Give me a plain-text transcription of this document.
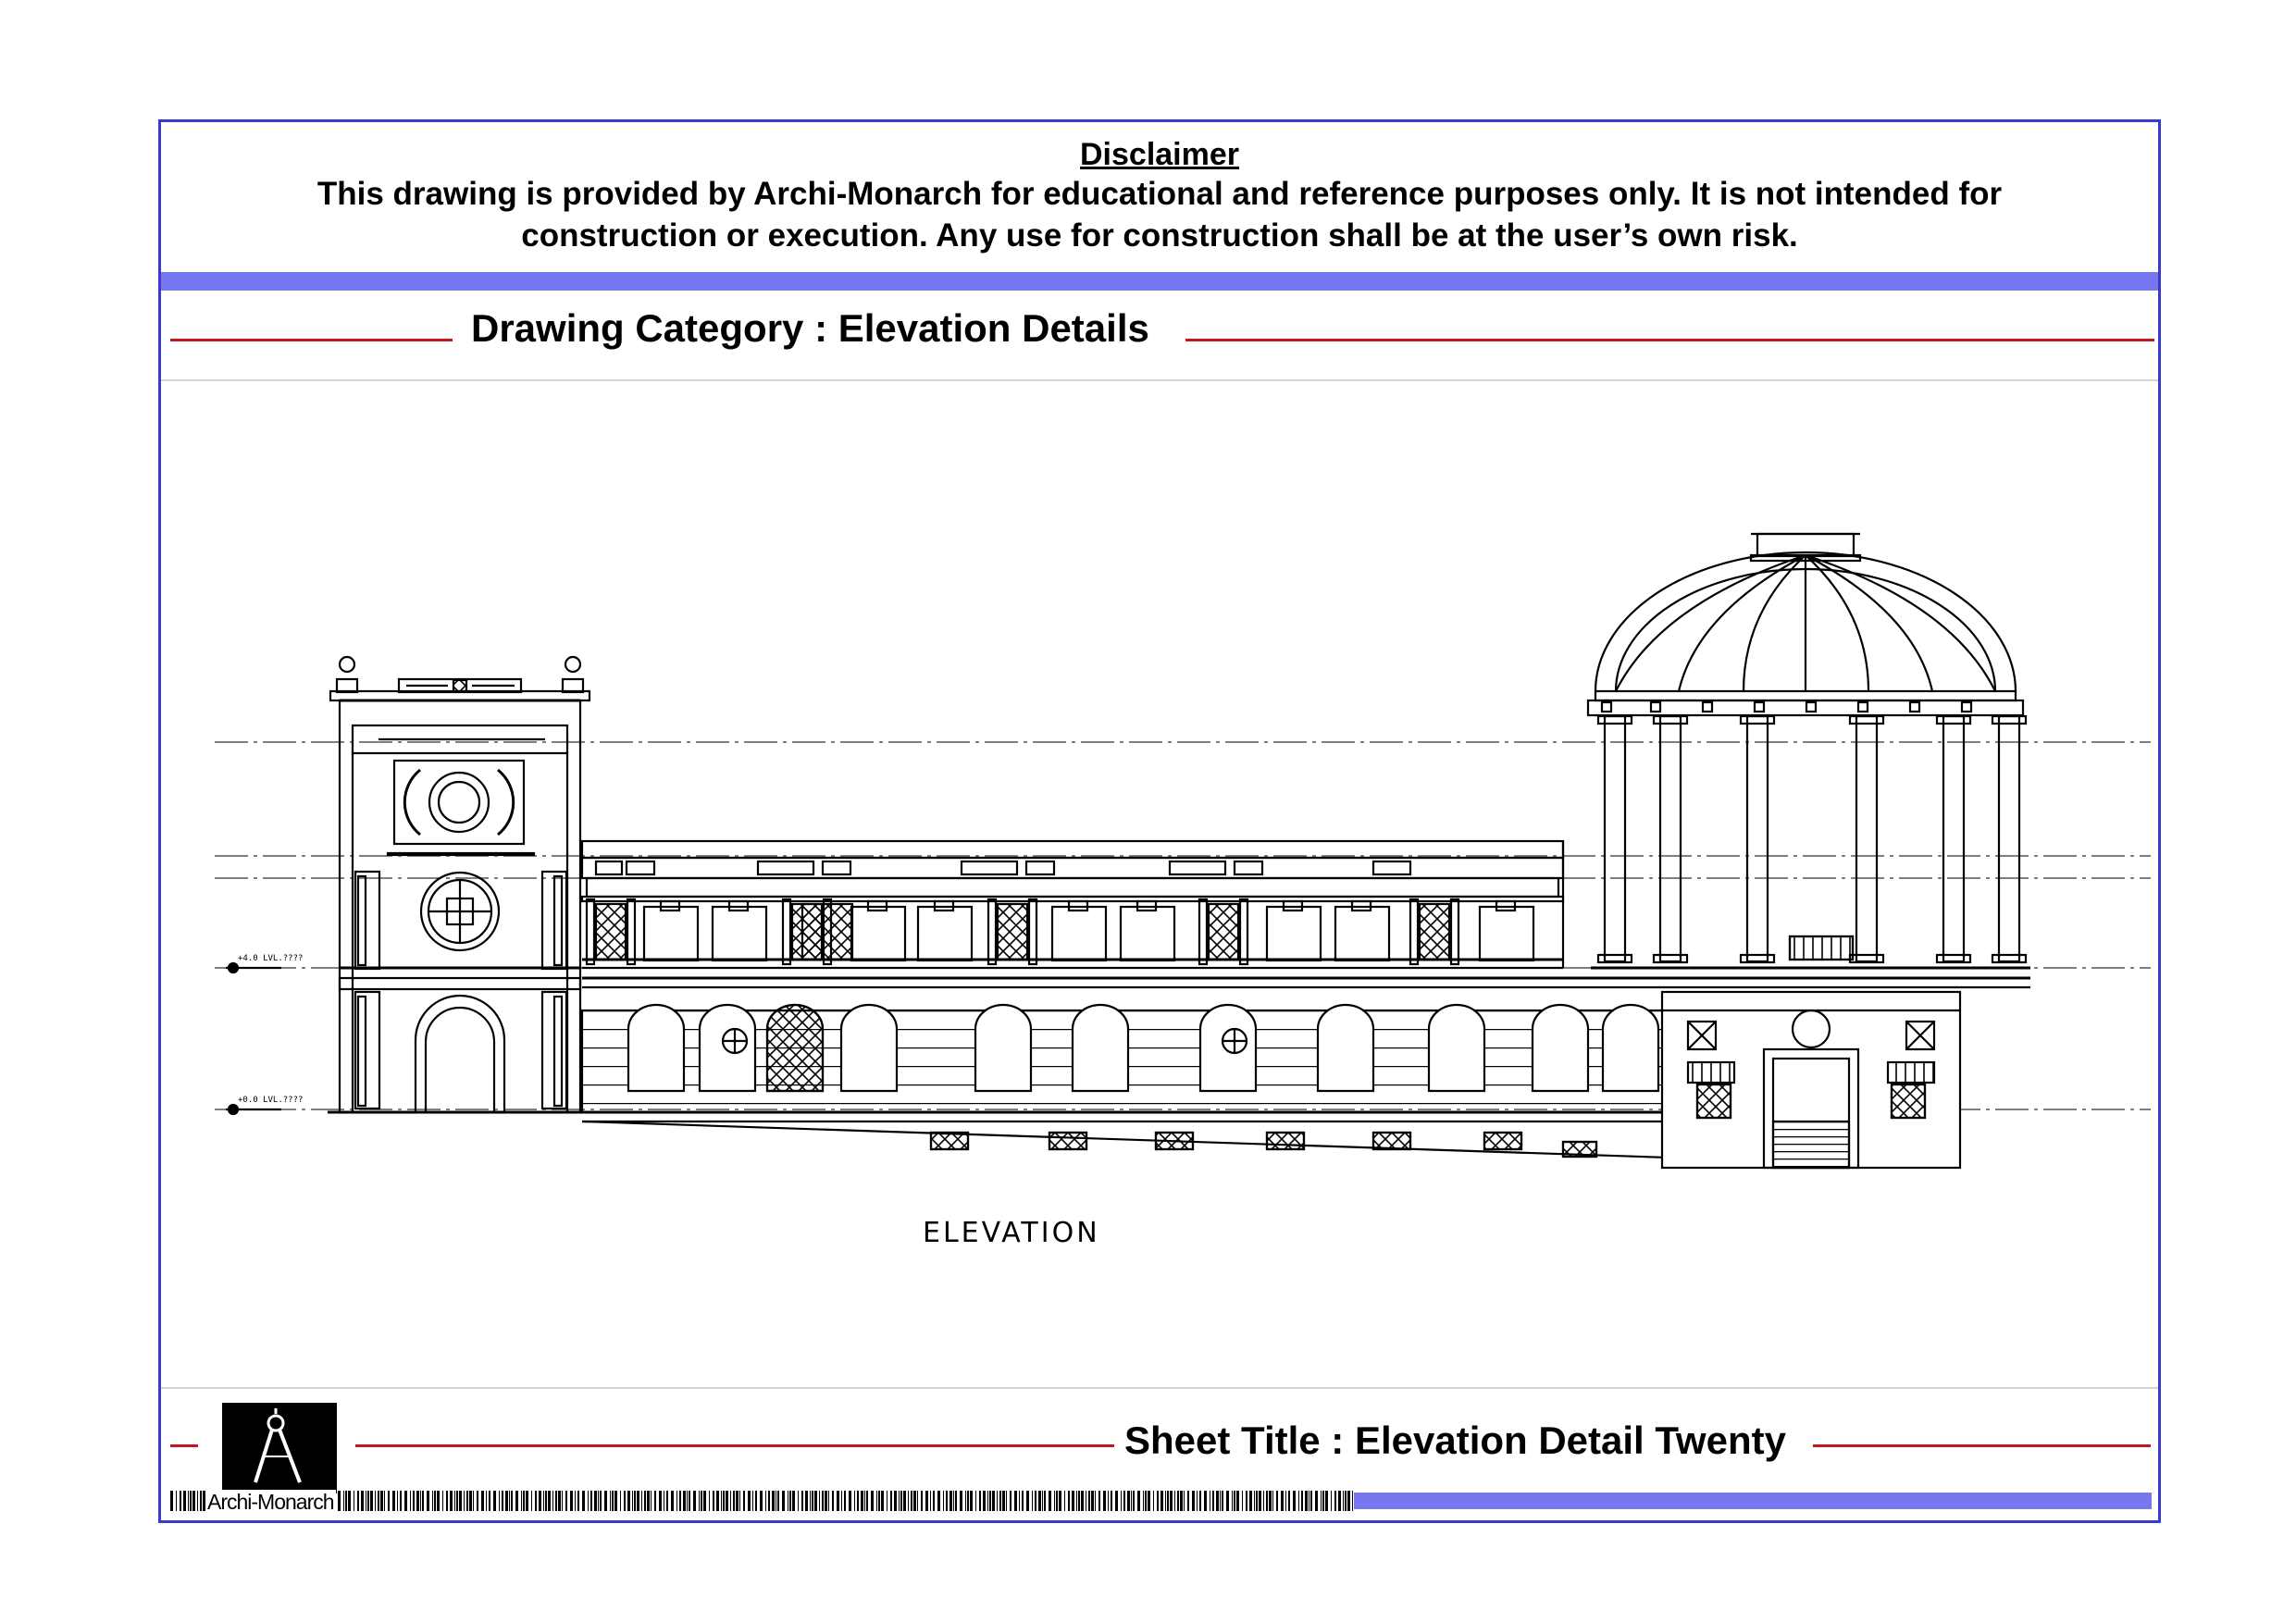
Disclaimer
This drawing is provided by Archi-Monarch for educational and reference purposes only. It is not intended for
construction or execution. Any use for construction shall be at the user’s own risk.
Drawing Category : Elevation Details
+4.0 LVL.????
+0.0 LVL.????
ELEVATION
Sheet Title : Elevation Detail Twenty
Archi-Monarch
